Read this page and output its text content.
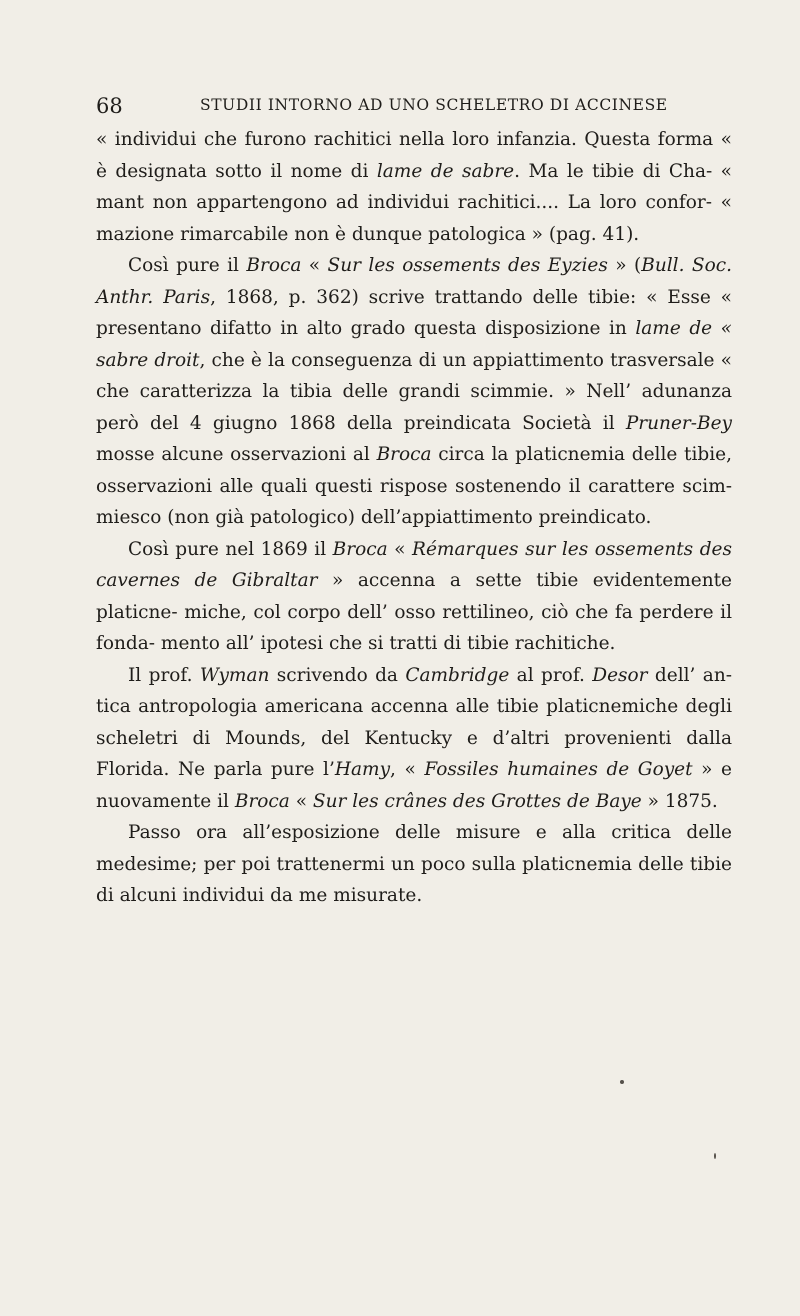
68	STUDII INTORNO AD UNO SCHELETRO DI ACCINESE

« individui che furono rachitici nella loro infanzia. Questa forma « è designata sotto il nome di lame de sabre. Ma le tibie di Cha- « mant non appartengono ad individui rachitici.... La loro confor- « mazione rimarcabile non è dunque patologica » (pag. 41).

Così pure il Broca « Sur les ossements des Eyzies » (Bull. Soc. Anthr. Paris, 1868, p. 362) scrive trattando delle tibie: « Esse « presentano difatto in alto grado questa disposizione in lame de « sabre droit, che è la conseguenza di un appiattimento trasversale « che caratterizza la tibia delle grandi scimmie. » Nell’ adunanza però del 4 giugno 1868 della preindicata Società il Pruner-Bey mosse alcune osservazioni al Broca circa la platicnemia delle tibie, osservazioni alle quali questi rispose sostenendo il carattere scim- miesco (non già patologico) dell’appiattimento preindicato.

Così pure nel 1869 il Broca « Rémarques sur les ossements des cavernes de Gibraltar » accenna a sette tibie evidentemente platicne- miche, col corpo dell’ osso rettilineo, ciò che fa perdere il fonda- mento all’ ipotesi che si tratti di tibie rachitiche.

Il prof. Wyman scrivendo da Cambridge al prof. Desor dell’ an- tica antropologia americana accenna alle tibie platicnemiche degli scheletri di Mounds, del Kentucky e d’altri provenienti dalla Florida. Ne parla pure l’Hamy, « Fossiles humaines de Goyet » e nuovamente il Broca « Sur les crânes des Grottes de Baye » 1875.

Passo ora all’esposizione delle misure e alla critica delle medesime; per poi trattenermi un poco sulla platicnemia delle tibie di alcuni individui da me misurate.
